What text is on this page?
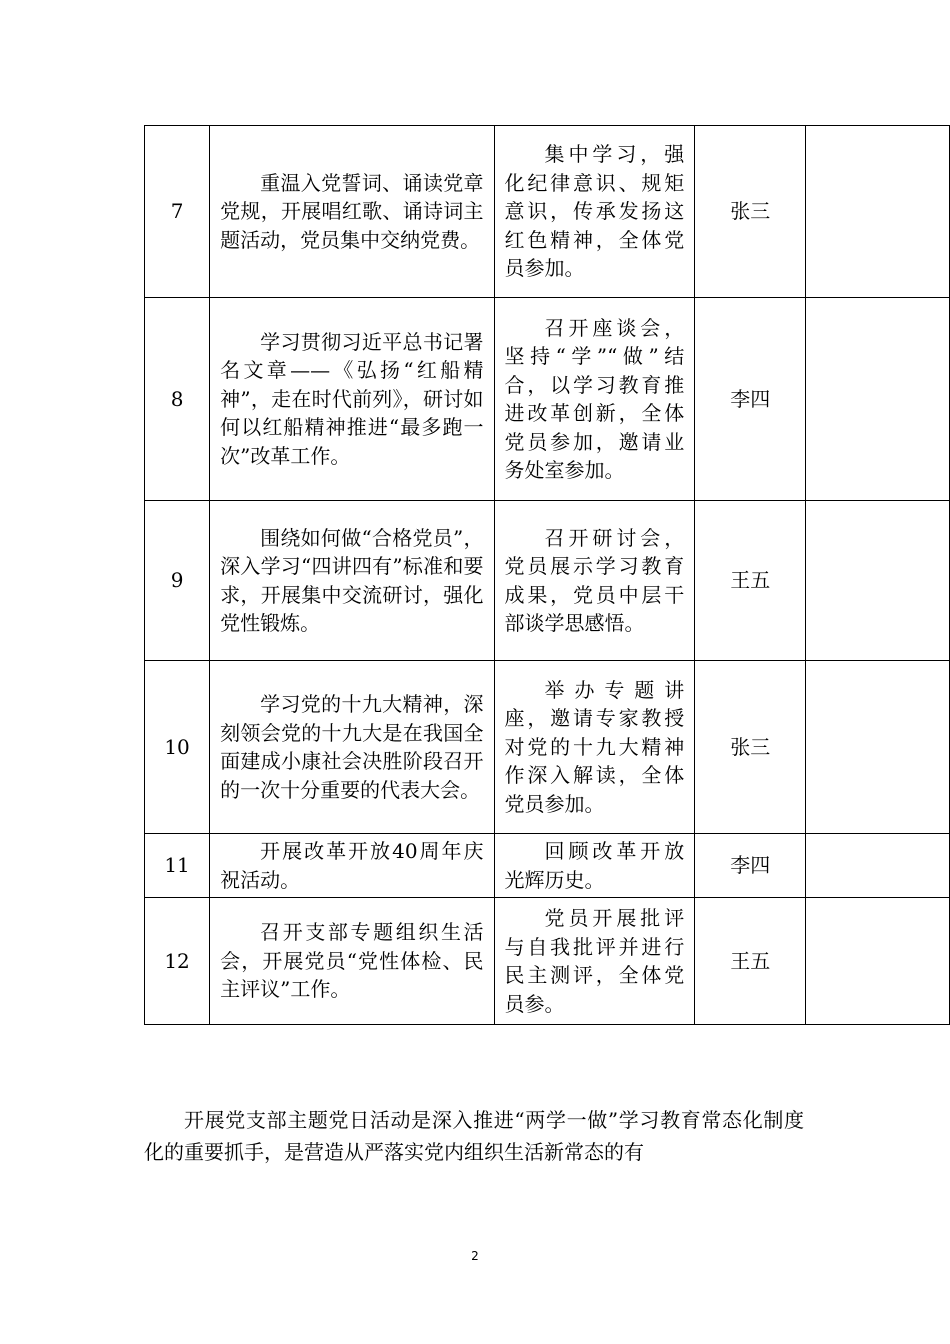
7	重温入党誓词、诵读党章党规，开展唱红歌、诵诗词主题活动，党员集中交纳党费。	集中学习，强化纪律意识、规矩意识，传承发扬这红色精神，全体党员参加。	张三	
8	学习贯彻习近平总书记署名文章——《弘扬“红船精神”，走在时代前列》，研讨如何以红船精神推进“最多跑一次”改革工作。	召开座谈会，坚持“学”“做”结合，以学习教育推进改革创新，全体党员参加，邀请业务处室参加。	李四	
9	围绕如何做“合格党员”，深入学习“四讲四有”标准和要求，开展集中交流研讨，强化党性锻炼。	召开研讨会，党员展示学习教育成果，党员中层干部谈学思感悟。	王五	
10	学习党的十九大精神，深刻领会党的十九大是在我国全面建成小康社会决胜阶段召开的一次十分重要的代表大会。	举办专题讲座，邀请专家教授对党的十九大精神作深入解读，全体党员参加。	张三	
11	开展改革开放40周年庆祝活动。	回顾改革开放光辉历史。	李四	
12	召开支部专题组织生活会，开展党员“党性体检、民主评议”工作。	党员开展批评与自我批评并进行民主测评，全体党员参。	王五	

开展党支部主题党日活动是深入推进“两学一做”学习教育常态化制度化的重要抓手，是营造从严落实党内组织生活新常态的有

2
